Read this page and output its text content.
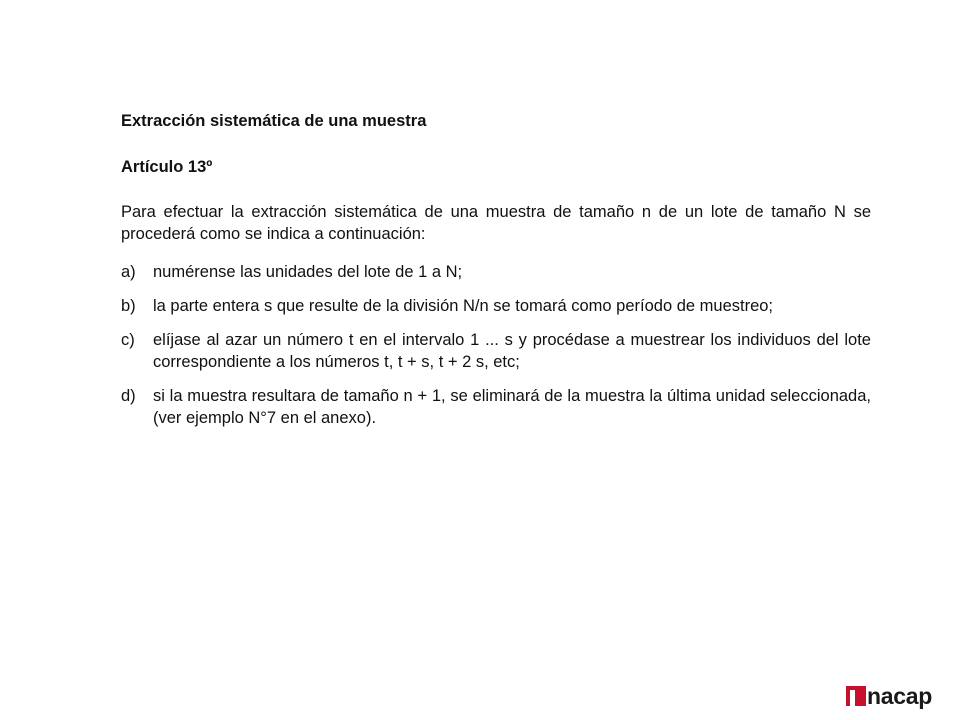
Extracción sistemática de una muestra

Artículo 13º

Para efectuar la extracción sistemática de una muestra de tamaño n de un lote de tamaño N se procederá como se indica a continuación:

a)	numérense las unidades del lote de 1 a N;
b)	la parte entera s que resulte de la división N/n se tomará como período de muestreo;
c)	elíjase al azar un número t en el intervalo 1 ... s y procédase a muestrear los individuos del lote correspondiente a los números t, t + s, t + 2 s, etc;
d)	si la muestra resultara de tamaño n + 1, se eliminará de la muestra la última unidad seleccionada, (ver ejemplo N°7 en el anexo).
nacap
